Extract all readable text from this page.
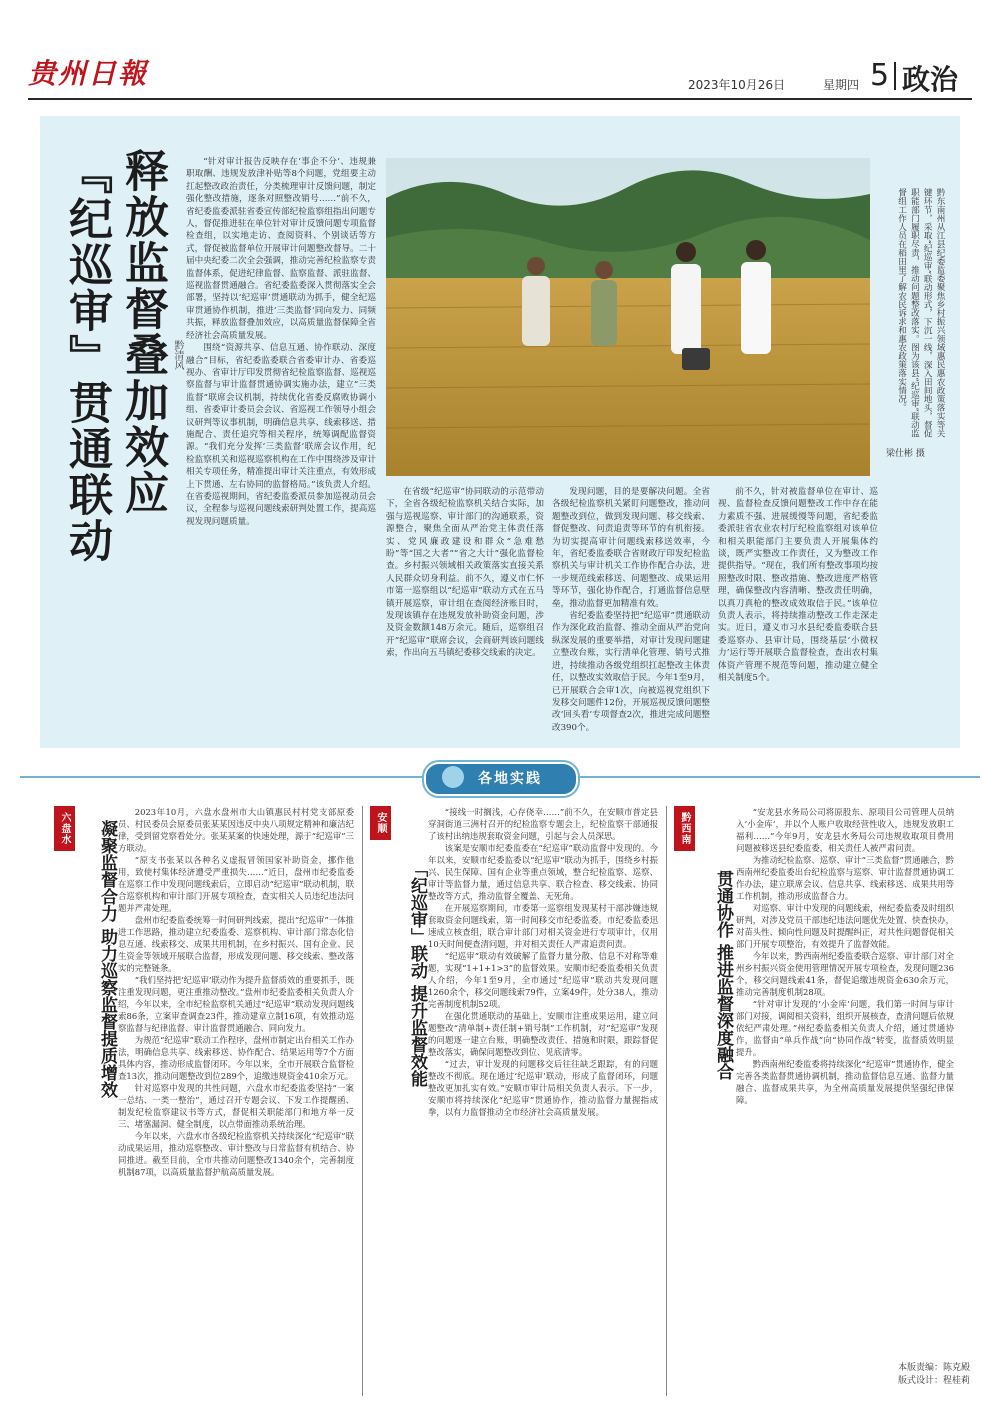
贵州日報	2023年10月26日	星期四 5 政治
『纪巡审』贯通联动 释放监督叠加效应 黔清风

“针对审计报告反映存在‘事企不分’、违规兼职取酬、违规发放津补贴等8个问题，党组要主动扛起整改政治责任，分类梳理审计反馈问题，制定强化整改措施，逐条对照整改销号……”前不久，省纪委监委派驻省委宣传部纪检监察组指出问题专人，督促推进驻在单位针对审计反馈问题专项监督检查组，以实地走访、查阅资料、个别谈话等方式，督促被监督单位开展审计问题整改督导。二十届中央纪委二次全会强调，推动完善纪检监察专责监督体系，促进纪律监督、监察监督、派驻监督、巡视监督贯通融合。省纪委监委深入贯彻落实全会部署，坚持以‘纪巡审’贯通联动为抓手，健全纪巡审贯通协作机制，推进‘三类监督’同向发力、同频共振，释放监督叠加效应，以高质量监督保障全省经济社会高质量发展。

围绕“资源共享、信息互通、协作联动、深度融合”目标，省纪委监委联合省委审计办、省委巡视办、省审计厅印发贯彻省纪检监察监督、巡视巡察监督与审计监督贯通协调实施办法，建立“三类监督”联席会议机制，持续优化省委反腐败协调小组、省委审计委员会会议、省巡视工作领导小组会议研判等议事机制，明确信息共享、线索移送、措施配合、责任追究等相关程序，统筹调配监督资源。“我们充分发挥‘三类监督’联席会议作用，纪检监察机关和巡视巡察机构在工作中围绕涉及审计相关专项任务，精准提出审计关注重点，有效形成上下贯通、左右协同的监督格局。”该负责人介绍。在省委巡视期间，省纪委监委派员参加巡视动员会议，全程参与巡视问题线索研判处置工作，提高巡视发现问题质量。

黔东南州从江县纪委监委聚焦乡村振兴领域惠民惠农政策落实等关键环节，采取“纪巡审”联动形式，下沉一线，深入田间地头，督促职能部门履职尽责，推动问题整改落实。图为该县“纪巡审”联动监督组工作人员在稻田里了解农民诉求和惠农政策落实情况。
梁仕彬 摄

在省级“纪巡审”协同联动的示范带动下，全省各级纪检监察机关结合实际，加强与巡视巡察、审计部门的沟通联系，资源整合，聚焦全面从严治党主体责任落实、党风廉政建设和群众“急难愁盼”等“国之大者”“省之大计”强化监督检查。乡村振兴领域相关政策落实直接关系人民群众切身利益。前不久，遵义市仁怀市第一巡察组以“纪巡审”联动方式在五马镇开展巡察，审计组在查阅经济账目时，发现该镇存在违规发放补助资金问题，涉及资金数额148万余元。随后，巡察组召开“纪巡审”联席会议，会商研判该问题线索，作出向五马镇纪委移交线索的决定。

发现问题，目的是要解决问题。全省各级纪检监察机关紧盯问题整改，推动问题整改到位，做到发现问题、移交线索、督促整改、问责追责等环节的有机衔接。为切实提高审计问题线索移送效率，今年，省纪委监委联合省财政厅印发纪检监察机关与审计机关工作协作配合办法，进一步规范线索移送、问题整改、成果运用等环节，强化协作配合，打通监督信息壁垒，推动监督更加精准有效。

省纪委监委坚持把“纪巡审”贯通联动作为深化政治监督、推动全面从严治党向纵深发展的重要举措，对审计发现问题建立整改台账，实行清单化管理、销号式推进，持续推动各级党组织扛起整改主体责任，以整改实效取信于民。今年1至9月，已开展联合会审1次，向被巡视党组织下发移交问题件12份，开展巡视反馈问题整改‘回头看’专项督查2次，推进完成问题整改390个。

前不久，针对被监督单位在审计、巡视、监督检查反馈问题整改工作中存在能力素质不强、进展缓慢等问题，省纪委监委派驻省农业农村厅纪检监察组对该单位和相关职能部门主要负责人开展集体约谈，既严实整改工作责任，又为整改工作提供指导。“现在，我们所有整改事项均按照整改时限、整改措施、整改进度严格管理，确保整改内容清晰、整改责任明确，以真刀真枪的整改成效取信于民。”该单位负责人表示，将持续推动整改工作走深走实。近日，遵义市习水县纪委监委联合县委巡察办、县审计局，围绕基层‘小微权力’运行等开展联合监督检查，查出农村集体资产管理不规范等问题，推动建立健全相关制度5个。

各地实践
六盘水	凝聚监督合力 助力巡察监督提质增效

2023年10月，六盘水盘州市大山镇惠民村村党支部原委员、村民委员会原委员张某某因违反中央八项规定精神和廉洁纪律，受到留党察看处分。张某某案的快速处理，源于“纪巡审”三方联动。

“原支书张某以各种名义虚报冒领国家补助资金，挪作他用，致使村集体经济遭受严重损失……”近日，盘州市纪委监委在巡察工作中发现问题线索后，立即启动“纪巡审”联动机制，联合巡察机构和审计部门开展专项检查，查实相关人员违纪违法问题并严肃处理。

盘州市纪委监委统筹一时间研判线索，提出“纪巡审”一体推进工作思路，推动建立纪委监委、巡察机构、审计部门常态化信息互通、线索移交、成果共用机制，在乡村振兴、国有企业、民生资金等领域开展联合监督，形成发现问题、移交线索、整改落实的完整链条。

“我们坚持把‘纪巡审’联动作为提升监督质效的重要抓手，既注重发现问题，更注重推动整改。”盘州市纪委监委相关负责人介绍，今年以来，全市纪检监察机关通过“纪巡审”联动发现问题线索86条，立案审查调查23件，推动建章立制16项，有效推动巡察监督与纪律监督、审计监督贯通融合、同向发力。

为规范“纪巡审”联动工作程序，盘州市制定出台相关工作办法，明确信息共享、线索移送、协作配合、结果运用等7个方面具体内容，推动形成监督闭环。今年以来，全市开展联合监督检查13次，推动问题整改到位289个，追缴违规资金410余万元。

针对巡察中发现的共性问题，六盘水市纪委监委坚持“一案一总结、一类一整治”，通过召开专题会议、下发工作提醒函、制发纪检监察建议书等方式，督促相关职能部门和地方举一反三、堵塞漏洞、健全制度，以点带面推动系统治理。

今年以来，六盘水市各级纪检监察机关持续深化“纪巡审”联动成果运用，推动巡察整改、审计整改与日常监督有机结合、协同推进。截至目前，全市共推动问题整改1340余个，完善制度机制87项，以高质量监督护航高质量发展。

安顺
「纪巡审」联动 提升监督效能

“接线一时搁浅，心存侥幸……”前不久，在安顺市普定县穿洞街道三洲村召开的纪检监察专题会上，纪检监察干部通报了该村出纳违规套取资金问题，引起与会人员深思。

该案是安顺市纪委监委在“纪巡审”联动监督中发现的。今年以来，安顺市纪委监委以“纪巡审”联动为抓手，围绕乡村振兴、民生保障、国有企业等重点领域，整合纪检监察、巡察、审计等监督力量，通过信息共享、联合检查、移交线索、协同整改等方式，推动监督全覆盖、无死角。

在开展巡察期间，市委第一巡察组发现某村干部涉嫌违规套取资金问题线索，第一时间移交市纪委监委。市纪委监委迅速成立核查组，联合审计部门对相关资金进行专项审计，仅用10天时间便查清问题，并对相关责任人严肃追责问责。

“纪巡审”联动有效破解了监督力量分散、信息不对称等难题，实现“1+1+1>3”的监督效果。安顺市纪委监委相关负责人介绍，今年1至9月，全市通过“纪巡审”联动共发现问题1260余个，移交问题线索79件，立案49件，处分38人，推动完善制度机制52项。

在强化贯通联动的基础上，安顺市注重成果运用，建立问题整改“清单制+责任制+销号制”工作机制，对“纪巡审”发现的问题逐一建立台账，明确整改责任、措施和时限，跟踪督促整改落实，确保问题整改到位、见底清零。

“过去，审计发现的问题移交后往往缺乏跟踪，有的问题整改不彻底。现在通过‘纪巡审’联动，形成了监督闭环，问题整改更加扎实有效。”安顺市审计局相关负责人表示。下一步，安顺市将持续深化“纪巡审”贯通协作，推动监督力量握指成拳，以有力监督推动全市经济社会高质量发展。

黔西南
贯通协作 推进监督深度融合

“安龙县水务局公司将原股东、原项目公司管理人员纳入‘小金库’，并以个人账户收取经营性收入，违规发放职工福利……”今年9月，安龙县水务局公司违规收取项目费用问题被移送县纪委监委，相关责任人被严肃问责。

为推动纪检监察、巡察、审计“三类监督”贯通融合，黔西南州纪委监委出台纪检监察与巡察、审计监督贯通协调工作办法，建立联席会议、信息共享、线索移送、成果共用等工作机制，推动形成监督合力。

对巡察、审计中发现的问题线索，州纪委监委及时组织研判，对涉及党员干部违纪违法问题优先处置、快查快办，对苗头性、倾向性问题及时提醒纠正，对共性问题督促相关部门开展专项整治，有效提升了监督效能。

今年以来，黔西南州纪委监委联合巡察、审计部门对全州乡村振兴资金使用管理情况开展专项检查，发现问题236个，移交问题线索41条，督促追缴违规资金630余万元，推动完善制度机制28项。

“针对审计发现的‘小金库’问题，我们第一时间与审计部门对接，调阅相关资料，组织开展核查，查清问题后依规依纪严肃处理。”州纪委监委相关负责人介绍，通过贯通协作，监督由“单兵作战”向“协同作战”转变，监督质效明显提升。

黔西南州纪委监委将持续深化“纪巡审”贯通协作，健全完善各类监督贯通协调机制，推动监督信息互通、监督力量融合、监督成果共享，为全州高质量发展提供坚强纪律保障。

本版责编：陈克殿
版式设计：程桂莉
